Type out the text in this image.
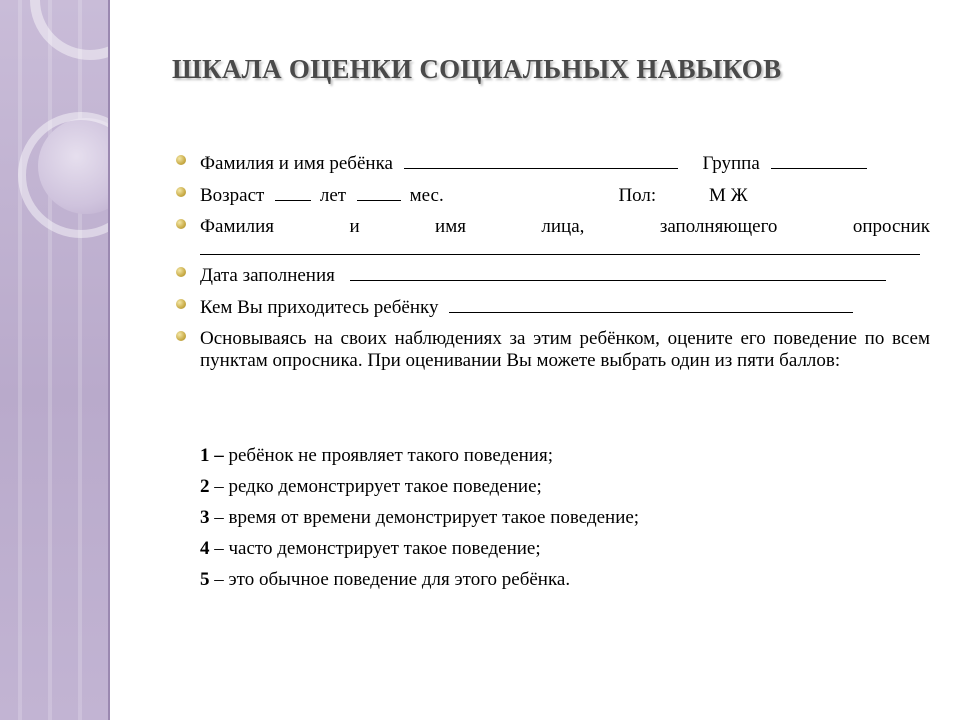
ШКАЛА ОЦЕНКИ СОЦИАЛЬНЫХ НАВЫКОВ
Фамилия и имя ребёнка	Группа
Возраст	лет	мес.	Пол:	М Ж
Фамилия	и	имя	лица,	заполняющего	опросник
Дата заполнения
Кем Вы приходитесь ребёнку
Основываясь на своих наблюдениях за этим ребёнком, оцените его поведение по всем пунктам опросника. При оценивании Вы можете выбрать один из пяти баллов:
1 – ребёнок не проявляет такого поведения;
2 – редко демонстрирует такое поведение;
3 – время от времени демонстрирует такое поведение;
4 – часто демонстрирует такое поведение;
5 – это обычное поведение для этого ребёнка.
